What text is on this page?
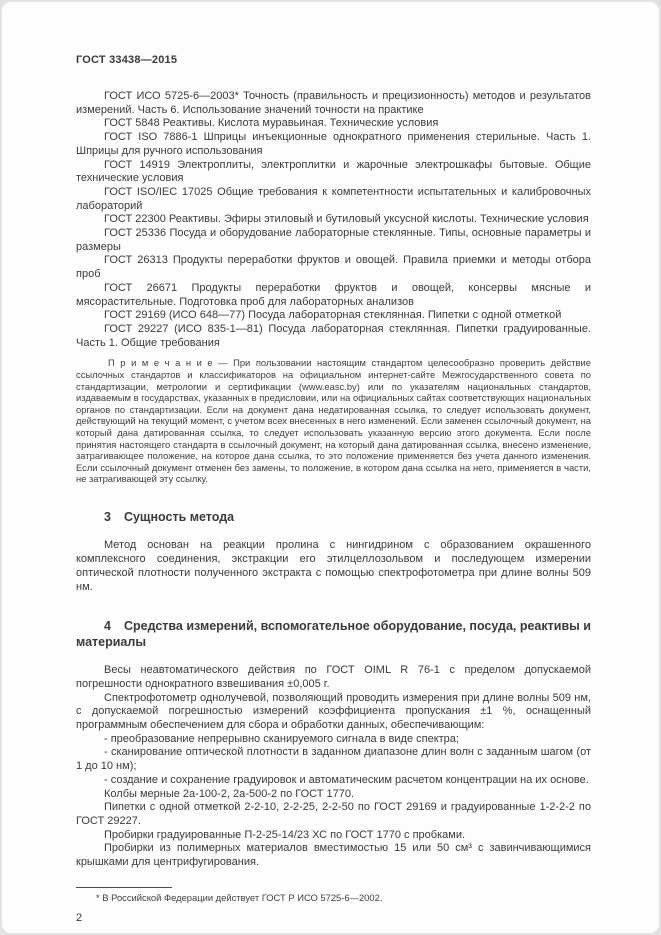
ГОСТ 33438—2015

ГОСТ ИСО 5725-6—2003* Точность (правильность и прецизионность) методов и результатов измерений. Часть 6. Использование значений точности на практике

ГОСТ 5848 Реактивы. Кислота муравьиная. Технические условия

ГОСТ ISO 7886-1 Шприцы инъекционные однократного применения стерильные. Часть 1. Шприцы для ручного использования

ГОСТ 14919 Электроплиты, электроплитки и жарочные электрошкафы бытовые. Общие технические условия

ГОСТ ISO/IEC 17025 Общие требования к компетентности испытательных и калибровочных лабораторий

ГОСТ 22300 Реактивы. Эфиры этиловый и бутиловый уксусной кислоты. Технические условия

ГОСТ 25336 Посуда и оборудование лабораторные стеклянные. Типы, основные параметры и размеры

ГОСТ 26313 Продукты переработки фруктов и овощей. Правила приемки и методы отбора проб

ГОСТ 26671 Продукты переработки фруктов и овощей, консервы мясные и мясорастительные. Подготовка проб для лабораторных анализов

ГОСТ 29169 (ИСО 648—77) Посуда лабораторная стеклянная. Пипетки с одной отметкой

ГОСТ 29227 (ИСО 835-1—81) Посуда лабораторная стеклянная. Пипетки градуированные. Часть 1. Общие требования

П р и м е ч а н и е — При пользовании настоящим стандартом целесообразно проверить действие ссылочных стандартов и классификаторов на официальном интернет-сайте Межгосударственного совета по стандартизации, метрологии и сертификации (www.easc.by) или по указателям национальных стандартов, издаваемым в государствах, указанных в предисловии, или на официальных сайтах соответствующих национальных органов по стандартизации. Если на документ дана недатированная ссылка, то следует использовать документ, действующий на текущий момент, с учетом всех внесенных в него изменений. Если заменен ссылочный документ, на который дана датированная ссылка, то следует использовать указанную версию этого документа. Если после принятия настоящего стандарта в ссылочный документ, на который дана датированная ссылка, внесено изменение, затрагивающее положение, на которое дана ссылка, то это положение применяется без учета данного изменения. Если ссылочный документ отменен без замены, то положение, в котором дана ссылка на него, применяется в части, не затрагивающей эту ссылку.

3 Сущность метода

Метод основан на реакции пролина с нингидрином с образованием окрашенного комплексного соединения, экстракции его этилцеллозольвом и последующем измерении оптической плотности полученного экстракта с помощью спектрофотометра при длине волны 509 нм.

4 Средства измерений, вспомогательное оборудование, посуда, реактивы и материалы

Весы неавтоматического действия по ГОСТ OIML R 76-1 с пределом допускаемой погрешности однократного взвешивания ±0,005 г.

Спектрофотометр однолучевой, позволяющий проводить измерения при длине волны 509 нм, с допускаемой погрешностью измерений коэффициента пропускания ±1 %, оснащенный программным обеспечением для сбора и обработки данных, обеспечивающим:

- преобразование непрерывно сканируемого сигнала в виде спектра;

- сканирование оптической плотности в заданном диапазоне длин волн с заданным шагом (от 1 до 10 нм);

- создание и сохранение градуировок и автоматическим расчетом концентрации на их основе.

Колбы мерные 2а-100-2, 2а-500-2 по ГОСТ 1770.

Пипетки с одной отметкой 2-2-10, 2-2-25, 2-2-50 по ГОСТ 29169 и градуированные 1-2-2-2 по ГОСТ 29227.

Пробирки градуированные П-2-25-14/23 ХС по ГОСТ 1770 с пробками.

Пробирки из полимерных материалов вместимостью 15 или 50 см³ с завинчивающимися крышками для центрифугирования.

* В Российской Федерации действует ГОСТ Р ИСО 5725-6—2002.

2
